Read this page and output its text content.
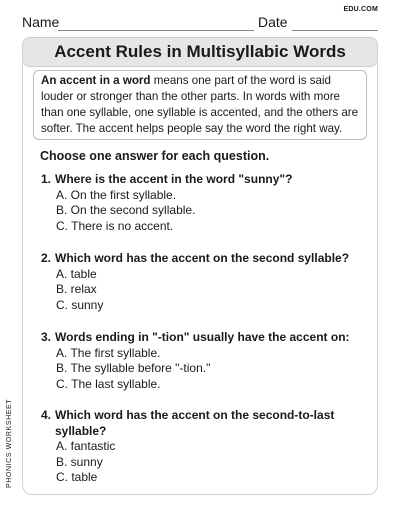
Name	Date
EDU.COM
Accent Rules in Multisyllabic Words
An accent in a word means one part of the word is said louder or stronger than the other parts. In words with more than one syllable, one syllable is accented, and the others are softer. The accent helps people say the word the right way.
Choose one answer for each question.
1. Where is the accent in the word "sunny"?
A. On the first syllable.
B. On the second syllable.
C. There is no accent.
2. Which word has the accent on the second syllable?
A. table
B. relax
C. sunny
3. Words ending in "-tion" usually have the accent on:
A. The first syllable.
B. The syllable before "-tion."
C. The last syllable.
4. Which word has the accent on the second-to-last syllable?
A. fantastic
B. sunny
C. table
PHONICS WORKSHEET
